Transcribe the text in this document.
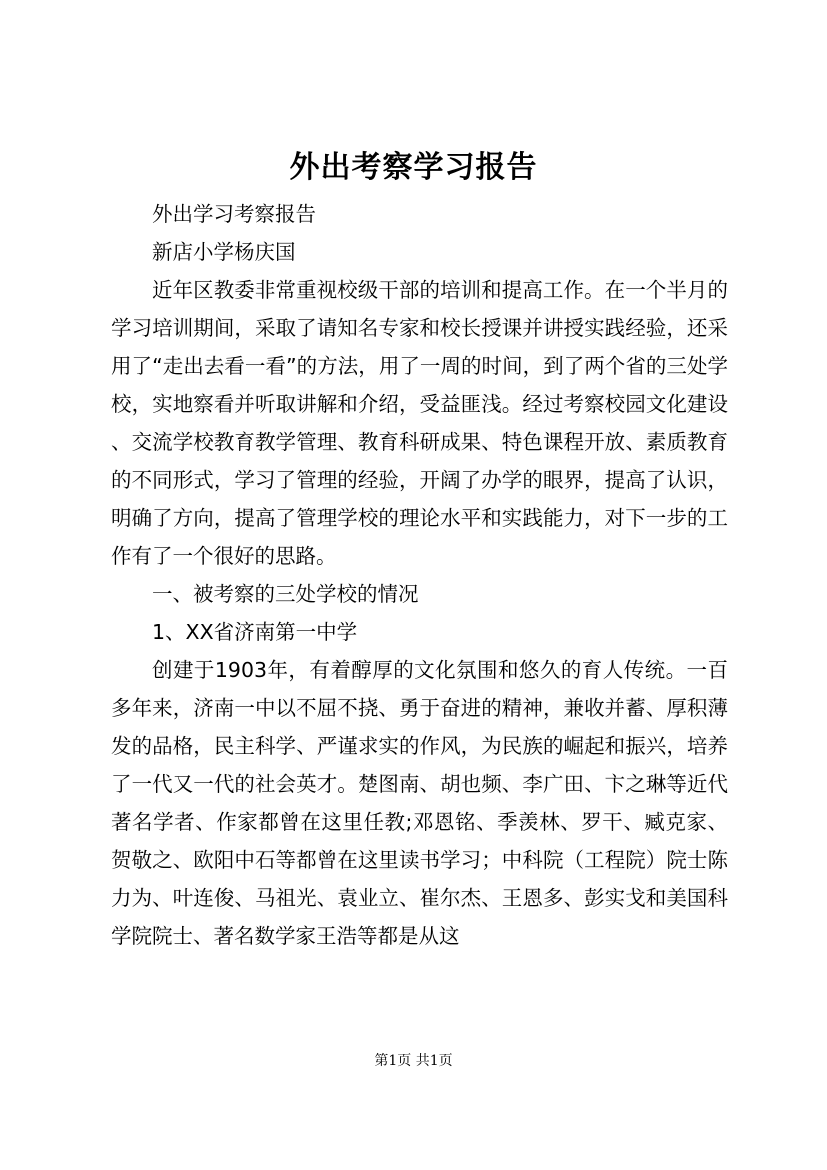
外出考察学习报告

外出学习考察报告

新店小学杨庆国

近年区教委非常重视校级干部的培训和提高工作。在一个半月的学习培训期间，采取了请知名专家和校长授课并讲授实践经验，还采用了“走出去看一看”的方法，用了一周的时间，到了两个省的三处学校，实地察看并听取讲解和介绍，受益匪浅。经过考察校园文化建设、交流学校教育教学管理、教育科研成果、特色课程开放、素质教育的不同形式，学习了管理的经验，开阔了办学的眼界，提高了认识，明确了方向，提高了管理学校的理论水平和实践能力，对下一步的工作有了一个很好的思路。

一、被考察的三处学校的情况

1、XX省济南第一中学

创建于1903年，有着醇厚的文化氛围和悠久的育人传统。一百多年来，济南一中以不屈不挠、勇于奋进的精神，兼收并蓄、厚积薄发的品格，民主科学、严谨求实的作风，为民族的崛起和振兴，培养了一代又一代的社会英才。楚图南、胡也频、李广田、卞之琳等近代著名学者、作家都曾在这里任教;邓恩铭、季羡林、罗干、臧克家、贺敬之、欧阳中石等都曾在这里读书学习；中科院（工程院）院士陈力为、叶连俊、马祖光、袁业立、崔尔杰、王恩多、彭实戈和美国科学院院士、著名数学家王浩等都是从这

第1页 共1页
